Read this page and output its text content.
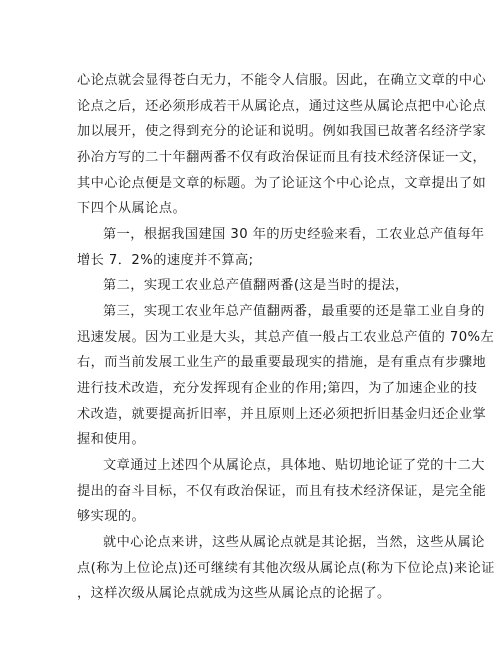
心论点就会显得苍白无力，不能令人信服。因此，在确立文章的中心
论点之后，还必须形成若干从属论点，通过这些从属论点把中心论点
加以展开，使之得到充分的论证和说明。例如我国已故著名经济学家
孙冶方写的二十年翻两番不仅有政治保证而且有技术经济保证一文，
其中心论点便是文章的标题。为了论证这个中心论点，文章提出了如
下四个从属论点。
第一，根据我国建国 30 年的历史经验来看，工农业总产值每年
增长 7．2%的速度并不算高;
第二，实现工农业总产值翻两番(这是当时的提法，
第三，实现工农业年总产值翻两番，最重要的还是靠工业自身的
迅速发展。因为工业是大头，其总产值一般占工农业总产值的 70%左
右，而当前发展工业生产的最重要最现实的措施，是有重点有步骤地
进行技术改造，充分发挥现有企业的作用;第四，为了加速企业的技
术改造，就要提高折旧率，并且原则上还必须把折旧基金归还企业掌
握和使用。
文章通过上述四个从属论点，具体地、贴切地论证了党的十二大
提出的奋斗目标，不仅有政治保证，而且有技术经济保证，是完全能
够实现的。
就中心论点来讲，这些从属论点就是其论据，当然，这些从属论
点(称为上位论点)还可继续有其他次级从属论点(称为下位论点)来论证
，这样次级从属论点就成为这些从属论点的论据了。
